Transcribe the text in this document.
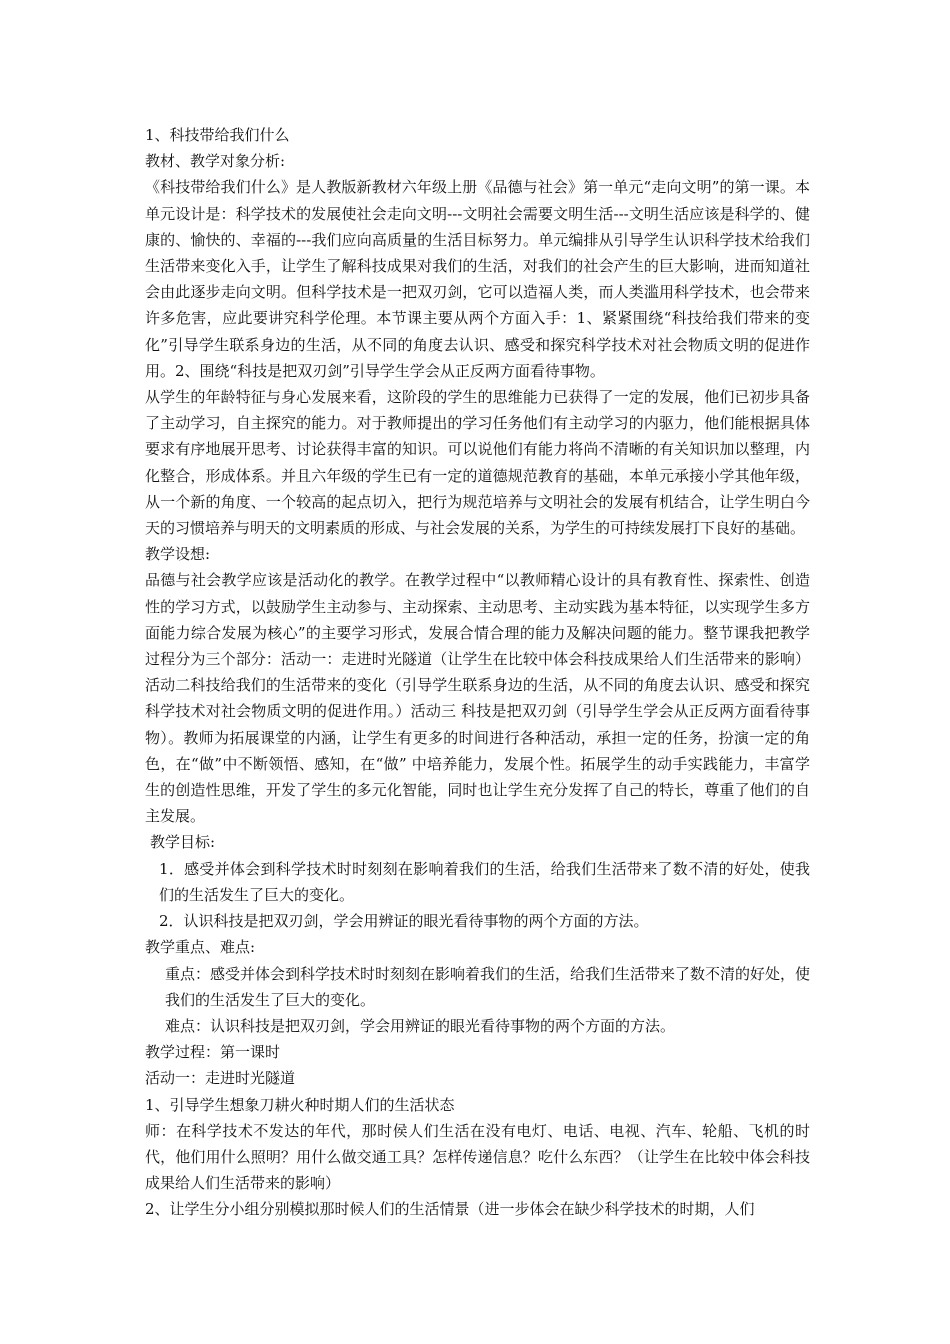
1、科技带给我们什么

教材、教学对象分析:

《科技带给我们什么》是人教版新教材六年级上册《品德与社会》第一单元“走向文明”的第一课。本单元设计是：科学技术的发展使社会走向文明---文明社会需要文明生活---文明生活应该是科学的、健康的、愉快的、幸福的---我们应向高质量的生活目标努力。单元编排从引导学生认识科学技术给我们生活带来变化入手，让学生了解科技成果对我们的生活，对我们的社会产生的巨大影响，进而知道社会由此逐步走向文明。但科学技术是一把双刃剑，它可以造福人类，而人类滥用科学技术，也会带来许多危害，应此要讲究科学伦理。本节课主要从两个方面入手：1、紧紧围绕“科技给我们带来的变化”引导学生联系身边的生活，从不同的角度去认识、感受和探究科学技术对社会物质文明的促进作用。2、围绕“科技是把双刃剑”引导学生学会从正反两方面看待事物。

从学生的年龄特征与身心发展来看，这阶段的学生的思维能力已获得了一定的发展，他们已初步具备了主动学习，自主探究的能力。对于教师提出的学习任务他们有主动学习的内驱力，他们能根据具体要求有序地展开思考、讨论获得丰富的知识。可以说他们有能力将尚不清晰的有关知识加以整理，内化整合，形成体系。并且六年级的学生已有一定的道德规范教育的基础，本单元承接小学其他年级，从一个新的角度、一个较高的起点切入，把行为规范培养与文明社会的发展有机结合，让学生明白今天的习惯培养与明天的文明素质的形成、与社会发展的关系，为学生的可持续发展打下良好的基础。

教学设想:

品德与社会教学应该是活动化的教学。在教学过程中“以教师精心设计的具有教育性、探索性、创造性的学习方式，以鼓励学生主动参与、主动探索、主动思考、主动实践为基本特征，以实现学生多方面能力综合发展为核心”的主要学习形式，发展合情合理的能力及解决问题的能力。整节课我把教学过程分为三个部分：活动一：走进时光隧道（让学生在比较中体会科技成果给人们生活带来的影响）活动二科技给我们的生活带来的变化（引导学生联系身边的生活，从不同的角度去认识、感受和探究科学技术对社会物质文明的促进作用。）活动三 科技是把双刃剑（引导学生学会从正反两方面看待事物）。教师为拓展课堂的内涵，让学生有更多的时间进行各种活动，承担一定的任务，扮演一定的角色，在“做”中不断领悟、感知，在“做” 中培养能力，发展个性。拓展学生的动手实践能力，丰富学生的创造性思维，开发了学生的多元化智能，同时也让学生充分发挥了自己的特长，尊重了他们的自主发展。

教学目标:

1．感受并体会到科学技术时时刻刻在影响着我们的生活，给我们生活带来了数不清的好处，使我们的生活发生了巨大的变化。

2．认识科技是把双刃剑，学会用辨证的眼光看待事物的两个方面的方法。

教学重点、难点:

重点：感受并体会到科学技术时时刻刻在影响着我们的生活，给我们生活带来了数不清的好处，使我们的生活发生了巨大的变化。

难点：认识科技是把双刃剑，学会用辨证的眼光看待事物的两个方面的方法。

教学过程：第一课时

活动一：走进时光隧道

1、引导学生想象刀耕火种时期人们的生活状态

师：在科学技术不发达的年代，那时侯人们生活在没有电灯、电话、电视、汽车、轮船、飞机的时代，他们用什么照明？用什么做交通工具？怎样传递信息？吃什么东西？（让学生在比较中体会科技成果给人们生活带来的影响）

2、让学生分小组分别模拟那时候人们的生活情景（进一步体会在缺少科学技术的时期，人们
